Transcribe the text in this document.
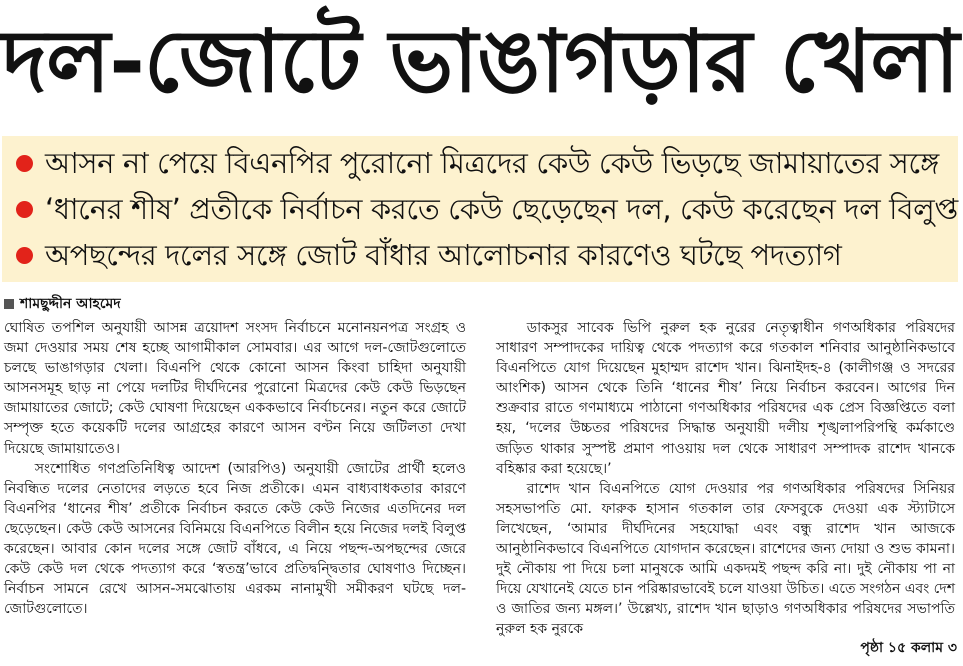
দল-জোটে ভাঙাগড়ার খেলা
আসন না পেয়ে বিএনপির পুরোনো মিত্রদের কেউ কেউ ভিড়ছে জামায়াতের সঙ্গে
‘ধানের শীষ’ প্রতীকে নির্বাচন করতে কেউ ছেড়েছেন দল, কেউ করেছেন দল বিলুপ্ত
অপছন্দের দলের সঙ্গে জোট বাঁধার আলোচনার কারণেও ঘটছে পদত্যাগ
শামছুদ্দীন আহমেদ

ঘোষিত তপশিল অনুযায়ী আসন্ন ত্রয়োদশ সংসদ নির্বাচনে মনোনয়নপত্র সংগ্রহ ও জমা দেওয়ার সময় শেষ হচ্ছে আগামীকাল সোমবার। এর আগে দল-জোটগুলোতে চলছে ভাঙাগড়ার খেলা। বিএনপি থেকে কোনো আসন কিংবা চাহিদা অনুযায়ী আসনসমূহ ছাড় না পেয়ে দলটির দীর্ঘদিনের পুরোনো মিত্রদের কেউ কেউ ভিড়ছেন জামায়াতের জোটে; কেউ ঘোষণা দিয়েছেন এককভাবে নির্বাচনের। নতুন করে জোটে সম্পৃক্ত হতে কয়েকটি দলের আগ্রহের কারণে আসন বণ্টন নিয়ে জটিলতা দেখা দিয়েছে জামায়াতেও।

সংশোধিত গণপ্রতিনিধিত্ব আদেশ (আরপিও) অনুযায়ী জোটের প্রার্থী হলেও নিবন্ধিত দলের নেতাদের লড়তে হবে নিজ প্রতীকে। এমন বাধ্যবাধকতার কারণে বিএনপির ‘ধানের শীষ’ প্রতীকে নির্বাচন করতে কেউ কেউ নিজের এতদিনের দল ছেড়েছেন। কেউ কেউ আসনের বিনিময়ে বিএনপিতে বিলীন হয়ে নিজের দলই বিলুপ্ত করেছেন। আবার কোন দলের সঙ্গে জোট বাঁধবে, এ নিয়ে পছন্দ-অপছন্দের জেরে কেউ কেউ দল থেকে পদত্যাগ করে ‘স্বতন্ত্র’ভাবে প্রতিদ্বন্দ্বিতার ঘোষণাও দিচ্ছেন। নির্বাচন সামনে রেখে আসন-সমঝোতায় এরকম নানামুখী সমীকরণ ঘটছে দল-জোটগুলোতে।

ডাকসুর সাবেক ভিপি নুরুল হক নুরের নেতৃত্বাধীন গণঅধিকার পরিষদের সাধারণ সম্পাদকের দায়িত্ব থেকে পদত্যাগ করে গতকাল শনিবার আনুষ্ঠানিকভাবে বিএনপিতে যোগ দিয়েছেন মুহাম্মদ রাশেদ খান। ঝিনাইদহ-৪ (কালীগঞ্জ ও সদরের আংশিক) আসন থেকে তিনি ‘ধানের শীষ’ নিয়ে নির্বাচন করবেন। আগের দিন শুক্রবার রাতে গণমাধ্যমে পাঠানো গণঅধিকার পরিষদের এক প্রেস বিজ্ঞপ্তিতে বলা হয়, ‘দলের উচ্চতর পরিষদের সিদ্ধান্ত অনুযায়ী দলীয় শৃঙ্খলাপরিপন্থি কর্মকাণ্ডে জড়িত থাকার সুস্পষ্ট প্রমাণ পাওয়ায় দল থেকে সাধারণ সম্পাদক রাশেদ খানকে বহিষ্কার করা হয়েছে।’

রাশেদ খান বিএনপিতে যোগ দেওয়ার পর গণঅধিকার পরিষদের সিনিয়র সহসভাপতি মো. ফারুক হাসান গতকাল তার ফেসবুকে দেওয়া এক স্ট্যাটাসে লিখেছেন, ‘আমার দীর্ঘদিনের সহযোদ্ধা এবং বন্ধু রাশেদ খান আজকে আনুষ্ঠানিকভাবে বিএনপিতে যোগদান করেছেন। রাশেদের জন্য দোয়া ও শুভ কামনা। দুই নৌকায় পা দিয়ে চলা মানুষকে আমি একদমই পছন্দ করি না। দুই নৌকায় পা না দিয়ে যেখানেই যেতে চান পরিষ্কারভাবেই চলে যাওয়া উচিত। এতে সংগঠন এবং দেশ ও জাতির জন্য মঙ্গল।’ উল্লেখ্য, রাশেদ খান ছাড়াও গণঅধিকার পরিষদের সভাপতি নুরুল হক নুরকে

পৃষ্ঠা ১৫ কলাম ৩
